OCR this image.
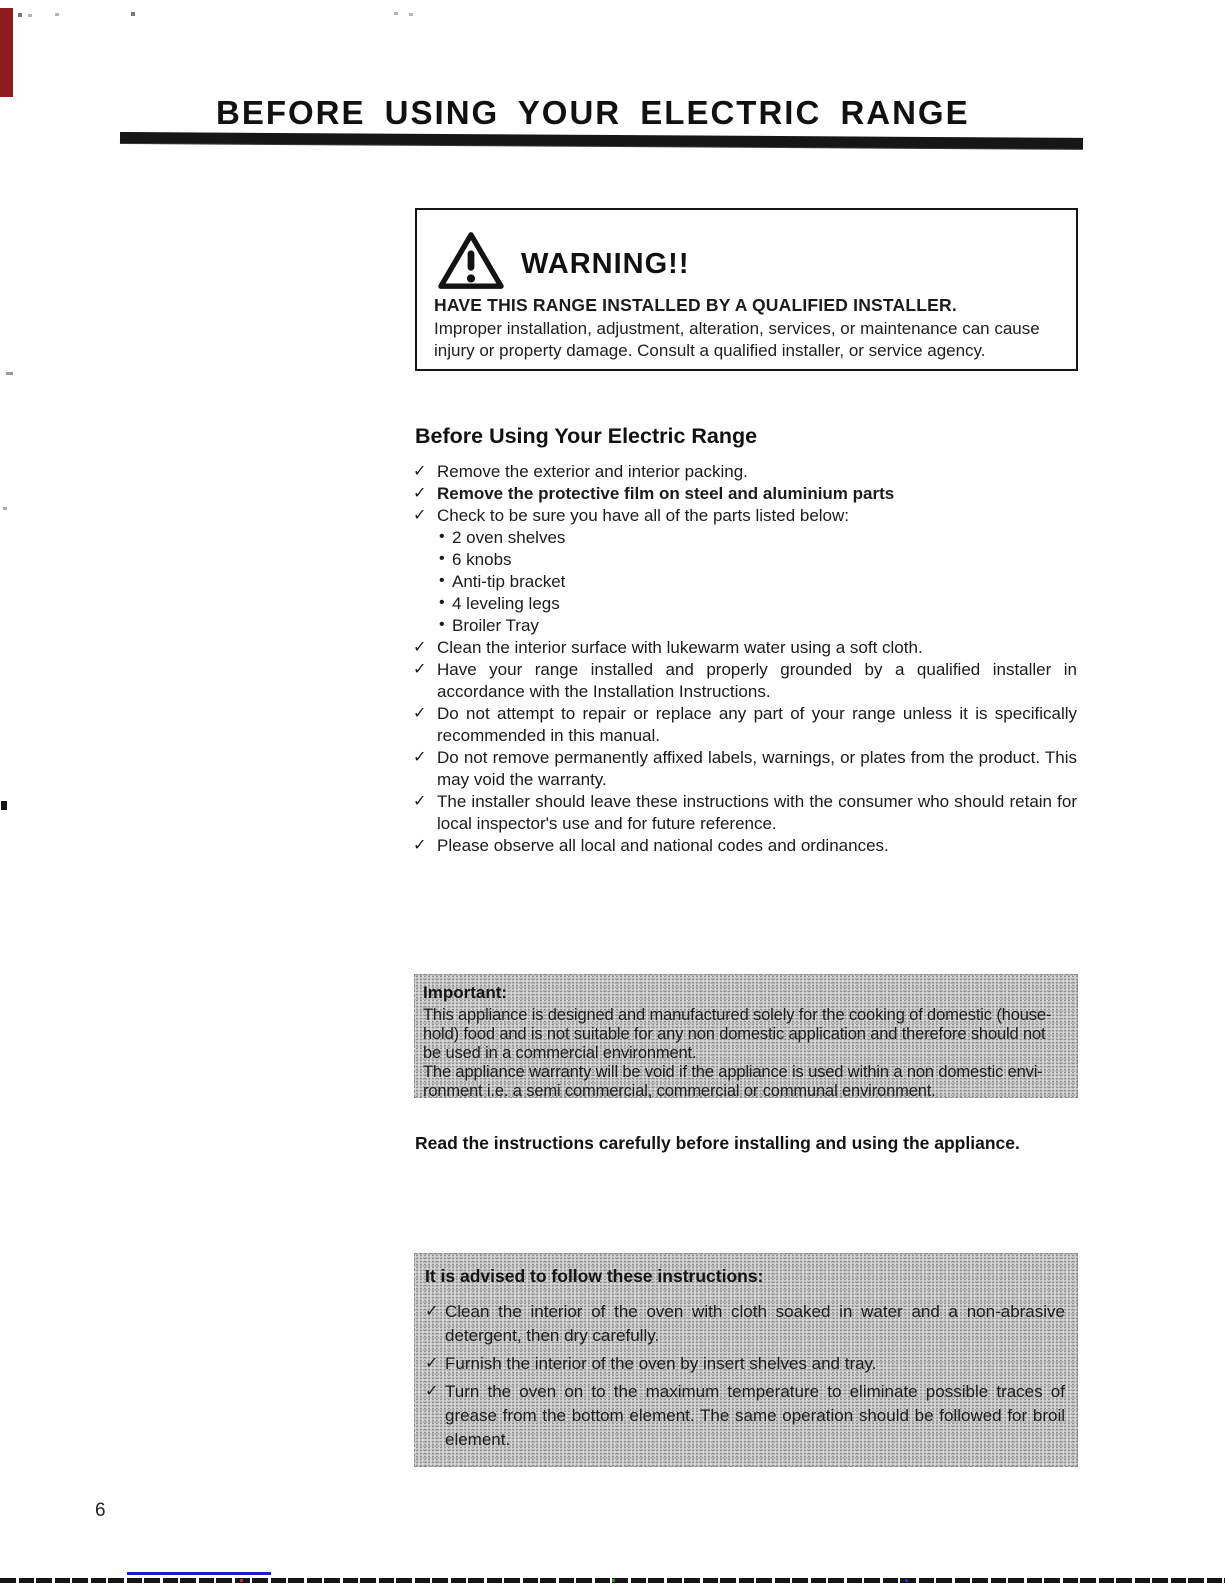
BEFORE USING YOUR ELECTRIC RANGE
WARNING!!
HAVE THIS RANGE INSTALLED BY A QUALIFIED INSTALLER.
Improper installation, adjustment, alteration, services, or maintenance can cause injury or property damage. Consult a qualified installer, or service agency.
Before Using Your Electric Range
✓ Remove the exterior and interior packing.
✓ Remove the protective film on steel and aluminium parts
✓ Check to be sure you have all of the parts listed below:
• 2 oven shelves
• 6 knobs
• Anti-tip bracket
• 4 leveling legs
• Broiler Tray
✓ Clean the interior surface with lukewarm water using a soft cloth.
✓ Have your range installed and properly grounded by a qualified installer in accordance with the Installation Instructions.
✓ Do not attempt to repair or replace any part of your range unless it is specifically recommended in this manual.
✓ Do not remove permanently affixed labels, warnings, or plates from the product. This may void the warranty.
✓ The installer should leave these instructions with the consumer who should retain for local inspector's use and for future reference.
✓ Please observe all local and national codes and ordinances.
Important:
This appliance is designed and manufactured solely for the cooking of domestic (house-
hold) food and is not suitable for any non domestic application and therefore should not
be used in a commercial environment.
The appliance warranty will be void if the appliance is used within a non domestic envi-
ronment i.e. a semi commercial, commercial or communal environment.
Read the instructions carefully before installing and using the appliance.
It is advised to follow these instructions:
✓ Clean the interior of the oven with cloth soaked in water and a non-abrasive detergent, then dry carefully.
✓ Furnish the interior of the oven by insert shelves and tray.
✓ Turn the oven on to the maximum temperature to eliminate possible traces of grease from the bottom element. The same operation should be followed for broil element.
6
